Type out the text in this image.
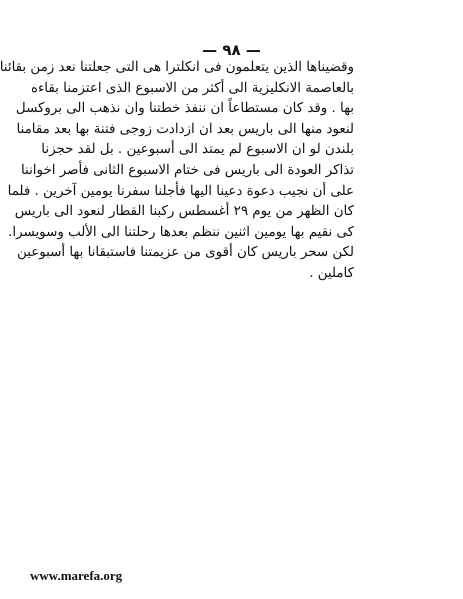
— ٩٨ —
وقضيناها الذين يتعلمون فى انكلترا هى التى جعلتنا نعد زمن بقائنا
بالعاصمة الانكليزية الى أكثر من الاسبوع الذى اعتزمنا بقاءه
بها . وقد كان مستطاعاً ان ننفذ خطتنا وان نذهب الى بروكسل
لنعود منها الى باريس بعد ان ازدادت زوجى فتنة بها بعد مقامنا
بلندن لو ان الاسبوع لم يمتد الى أسبوعين . بل لقد حجزنا
تذاكر العودة الى باريس فى ختام الاسبوع الثانى فأصر اخواننا
على أن نجيب دعوة دعينا اليها فأجلنا سفرنا يومين آخرين . فلما
كان الظهر من يوم ٢٩ أغسطس ركبنا القطار لنعود الى باريس
كى نقيم بها يومين اثنين ننظم بعدها رحلتنا الى الألب وسويسرا.
لكن سحر باريس كان أقوى من عزيمتنا فاستبقانا بها أسبوعين
كاملين .
www.marefa.org
